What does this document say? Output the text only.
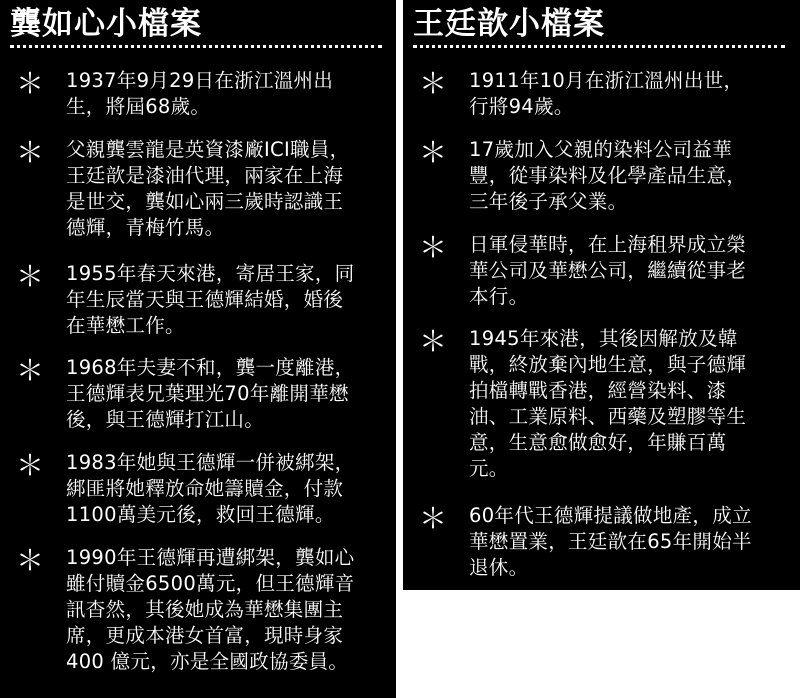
龔如心小檔案
＊ 1937年9月29日在浙江溫州出
生，將屆68歲。
＊ 父親龔雲龍是英資漆廠ICI職員，
王廷歆是漆油代理，兩家在上海
是世交，龔如心兩三歲時認識王
德輝，青梅竹馬。
＊ 1955年春天來港，寄居王家，同
年生辰當天與王德輝結婚，婚後
在華懋工作。
＊ 1968年夫妻不和，龔一度離港，
王德輝表兄葉理光70年離開華懋
後，與王德輝打江山。
＊ 1983年她與王德輝一併被綁架，
綁匪將她釋放命她籌贖金，付款
1100萬美元後，救回王德輝。
＊ 1990年王德輝再遭綁架，龔如心
雖付贖金6500萬元，但王德輝音
訊杳然，其後她成為華懋集團主
席，更成本港女首富，現時身家
400 億元，亦是全國政協委員。
王廷歆小檔案
＊ 1911年10月在浙江溫州出世，
行將94歲。
＊ 17歲加入父親的染料公司益華
豐，從事染料及化學產品生意，
三年後子承父業。
＊ 日軍侵華時，在上海租界成立榮
華公司及華懋公司，繼續從事老
本行。
＊ 1945年來港，其後因解放及韓
戰，終放棄內地生意，與子德輝
拍檔轉戰香港，經營染料、漆
油、工業原料、西藥及塑膠等生
意，生意愈做愈好，年賺百萬
元。
＊ 60年代王德輝提議做地產，成立
華懋置業，王廷歆在65年開始半
退休。
